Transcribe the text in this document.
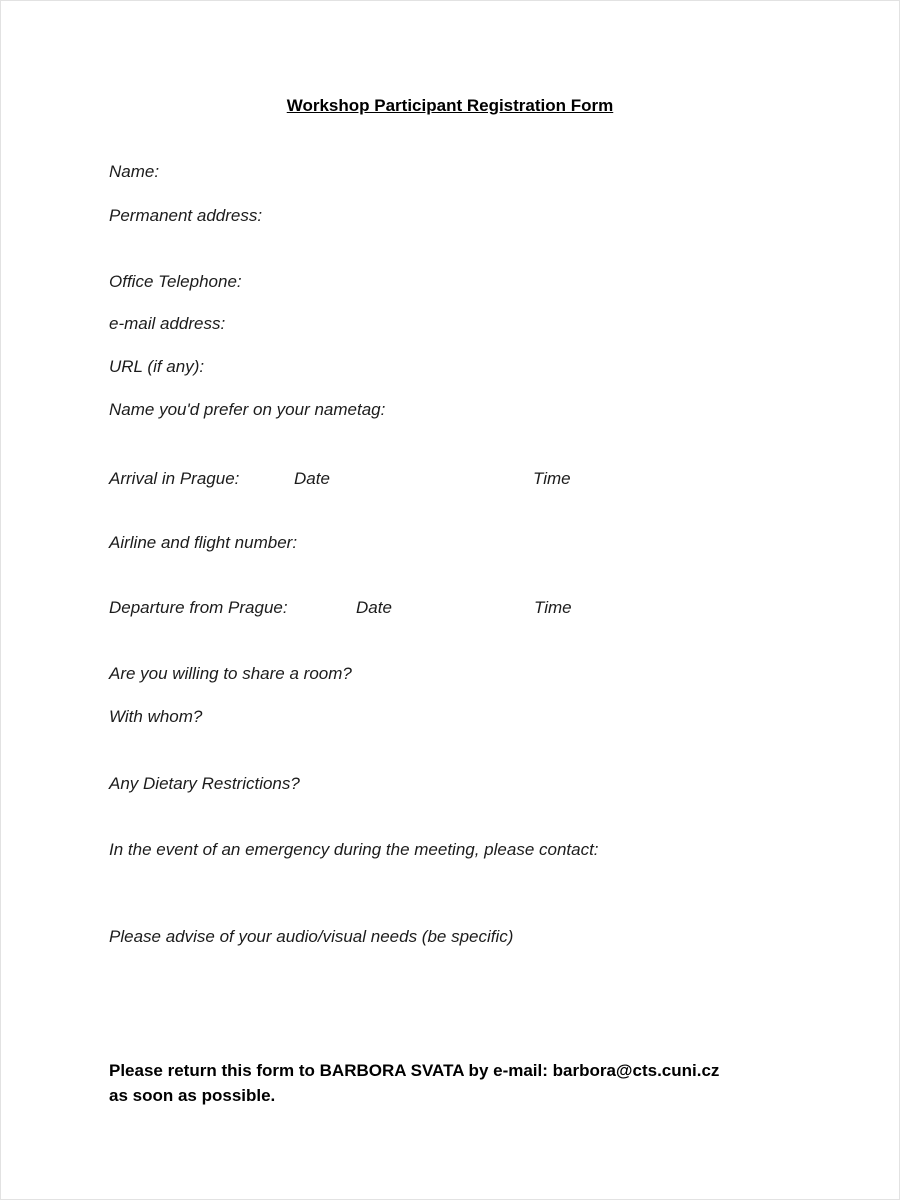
Workshop Participant Registration Form
Name:
Permanent address:
Office Telephone:
e-mail address:
URL (if any):
Name you'd prefer on your nametag:
Arrival in Prague:	Date	Time
Airline and flight number:
Departure from Prague:	Date	Time
Are you willing to share a room?
With whom?
Any Dietary Restrictions?
In the event of an emergency during the meeting, please contact:
Please advise of your audio/visual needs (be specific)
Please return this form to BARBORA SVATA by e-mail: barbora@cts.cuni.cz
as soon as possible.
